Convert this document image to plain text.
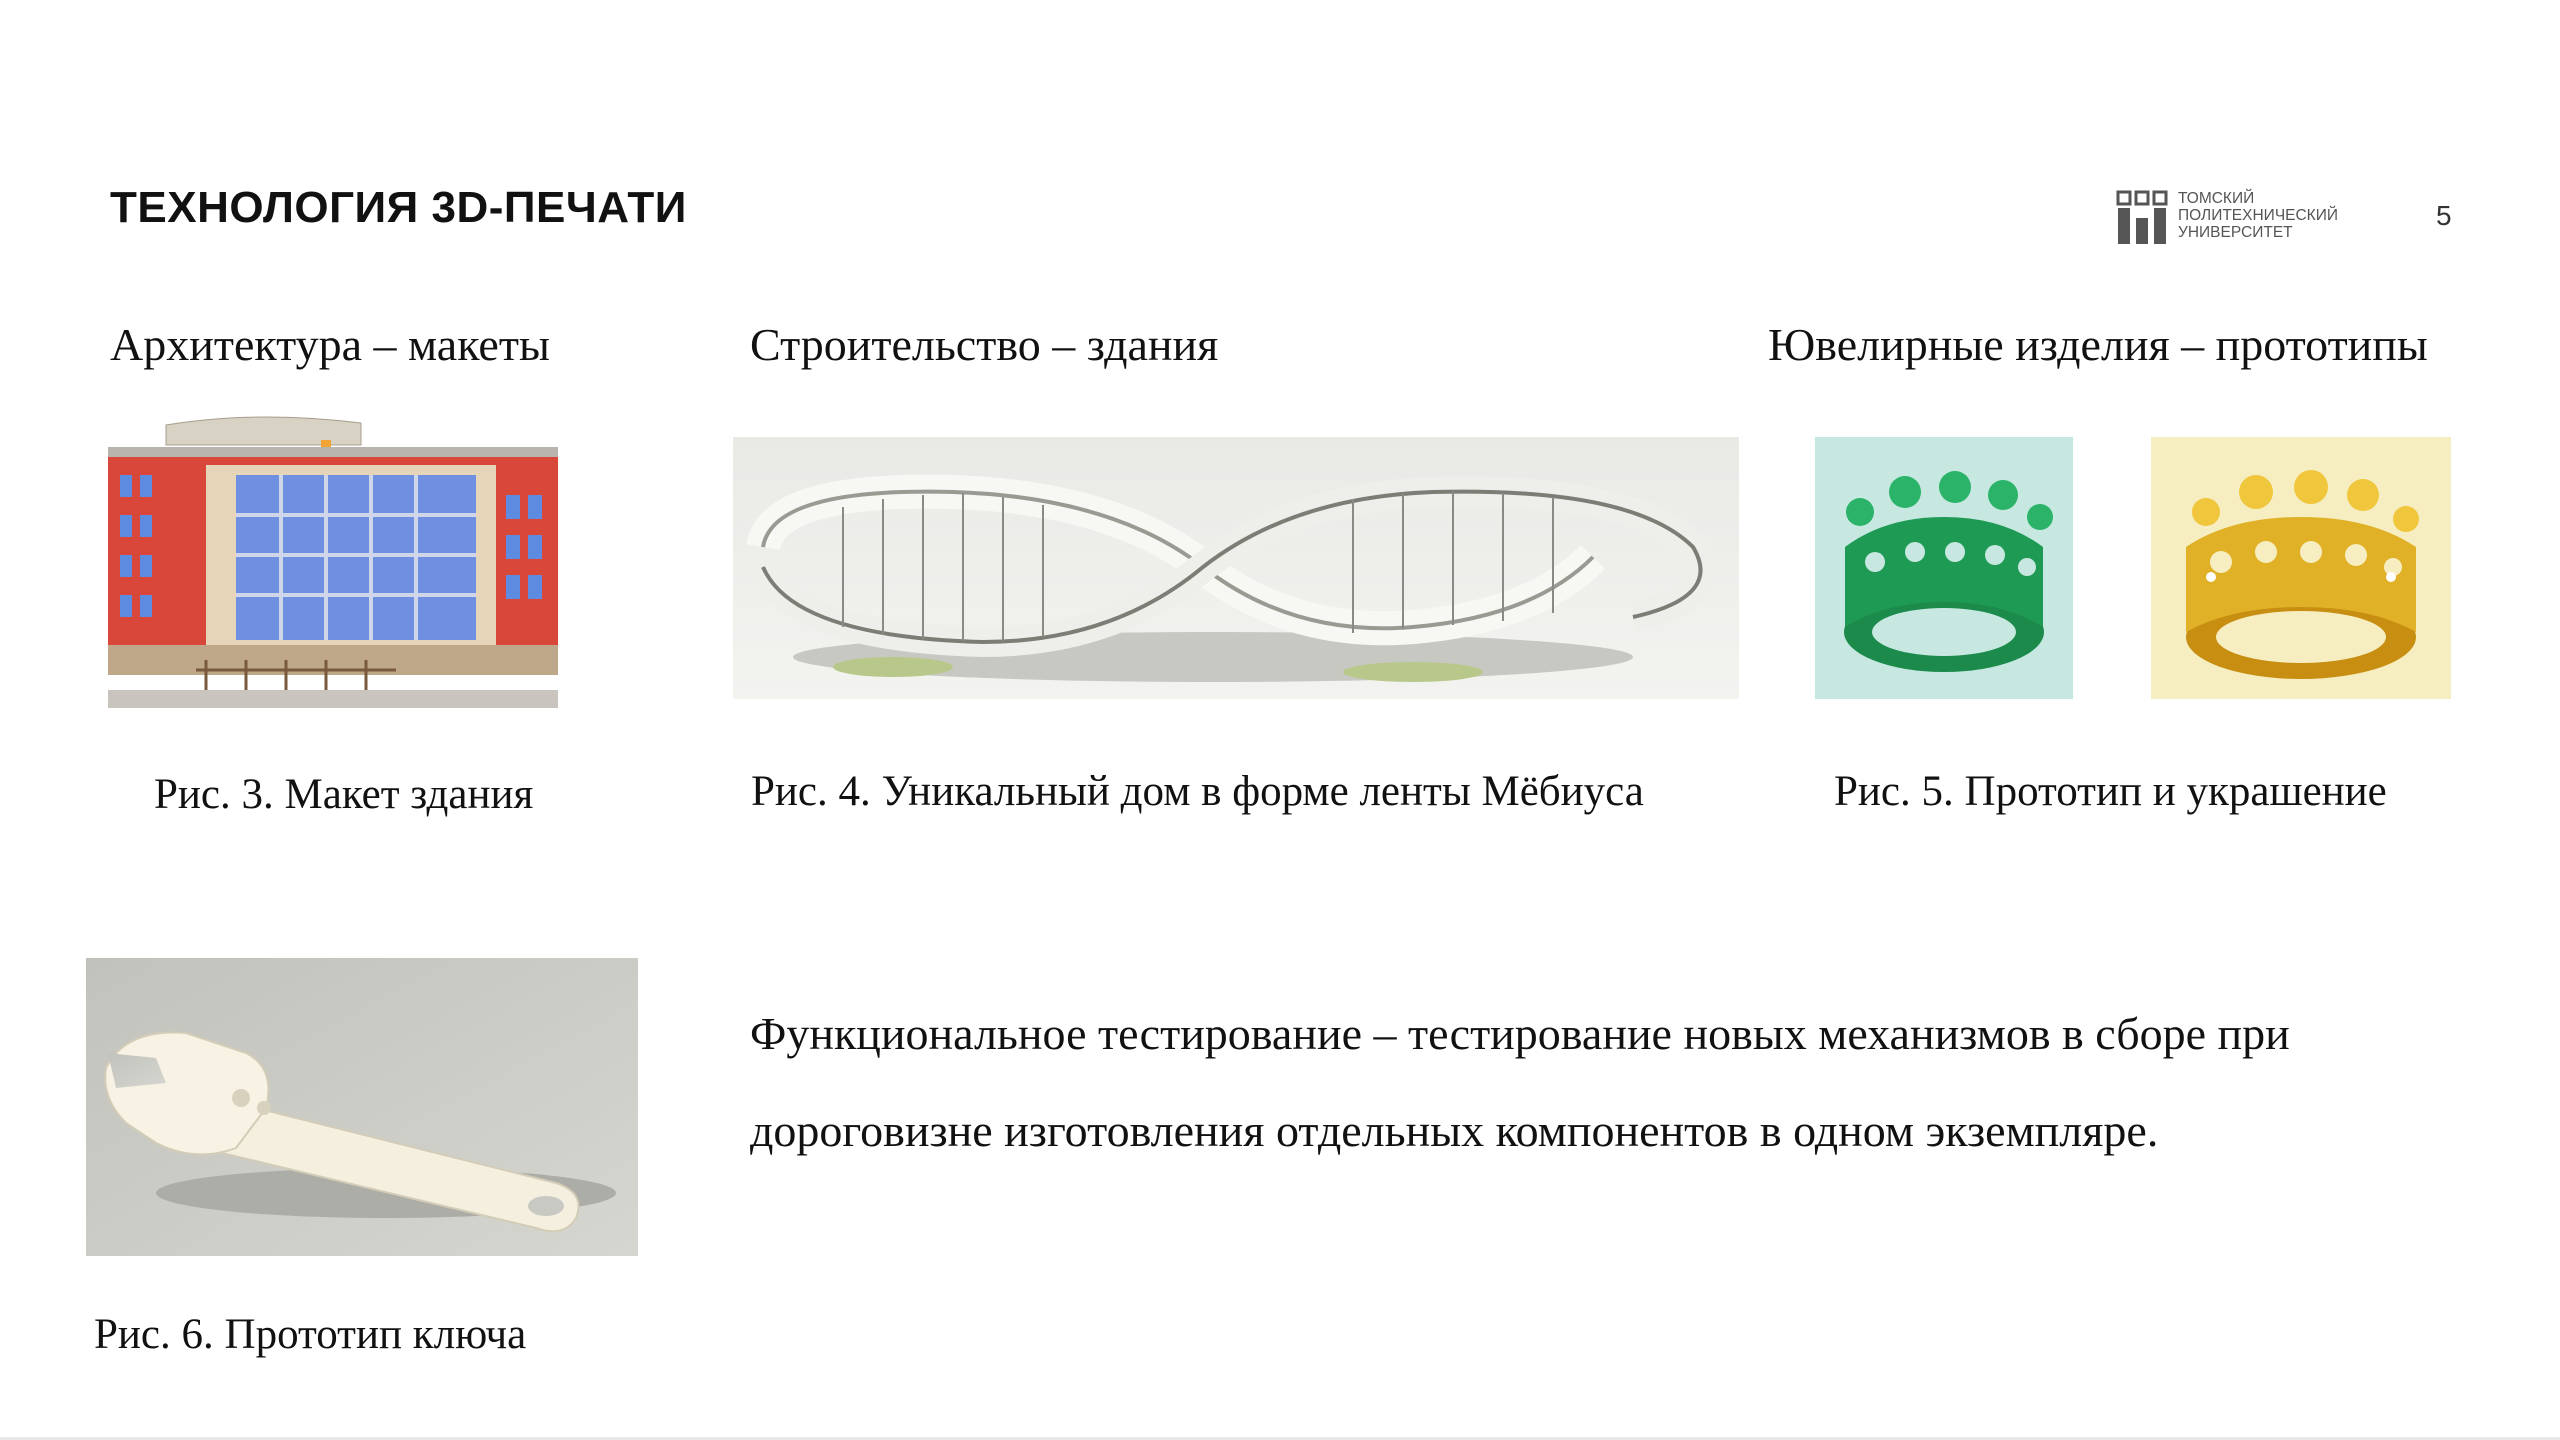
ТЕХНОЛОГИЯ 3D-ПЕЧАТИ	ТОМСКИЙ
ПОЛИТЕХНИЧЕСКИЙ
УНИВЕРСИТЕТ
5
Архитектура – макеты	Строительство – здания	Ювелирные изделия – прототипы
Рис. 3. Макет здания	Рис. 4. Уникальный дом в форме ленты Мёбиуса	Рис. 5. Прототип и украшение
Функциональное тестирование – тестирование новых механизмов в сборе при дороговизне изготовления отдельных компонентов в одном экземпляре.
Рис. 6. Прототип ключа
